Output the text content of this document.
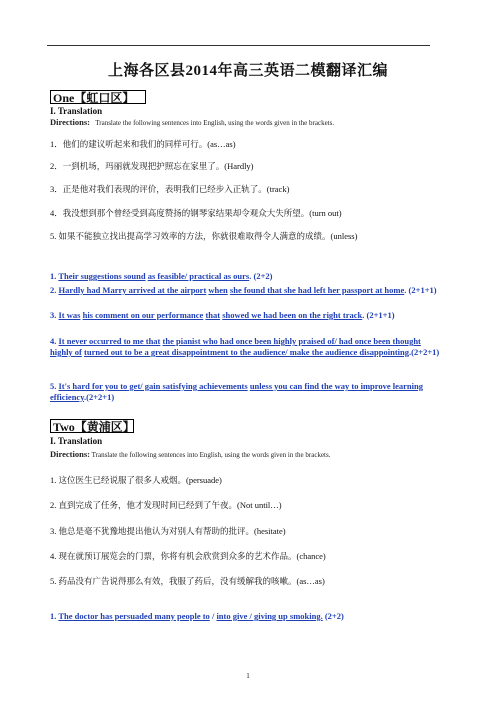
上海各区县2014年高三英语二模翻译汇编
One【虹口区】
I. Translation
Directions: Translate the following sentences into English, using the words given in the brackets.
1．他们的建议听起来和我们的同样可行。(as…as)
2．一到机场，玛丽就发现把护照忘在家里了。(Hardly)
3．正是他对我们表现的评价，表明我们已经步入正轨了。(track)
4．我没想到那个曾经受到高度赞扬的钢琴家结果却令观众大失所望。(turn out)
5. 如果不能独立找出提高学习效率的方法，你就很难取得令人满意的成绩。(unless)
1. Their suggestions sound as feasible/ practical as ours. (2+2)
2. Hardly had Marry arrived at the airport when she found that she had left her passport at home. (2+1+1)
3. It was his comment on our performance that showed we had been on the right track. (2+1+1)
4. It never occurred to me that the pianist who had once been highly praised of/ had once been thought highly of turned out to be a great disappointment to the audience/ make the audience disappointing.(2+2+1)
5. It's hard for you to get/ gain satisfying achievements unless you can find the way to improve learning efficiency.(2+2+1)
Two【黄浦区】
I. Translation
Directions: Translate the following sentences into English, using the words given in the brackets.
1. 这位医生已经说服了很多人戒烟。(persuade)
2. 直到完成了任务，他才发现时间已经到了午夜。(Not until…)
3. 他总是毫不犹豫地提出他认为对别人有帮助的批评。(hesitate)
4. 现在就预订展览会的门票，你将有机会欣赏到众多的艺术作品。(chance)
5. 药品没有广告说得那么有效，我服了药后，没有缓解我的咳嗽。(as…as)
1. The doctor has persuaded many people to / into give / giving up smoking. (2+2)
1
